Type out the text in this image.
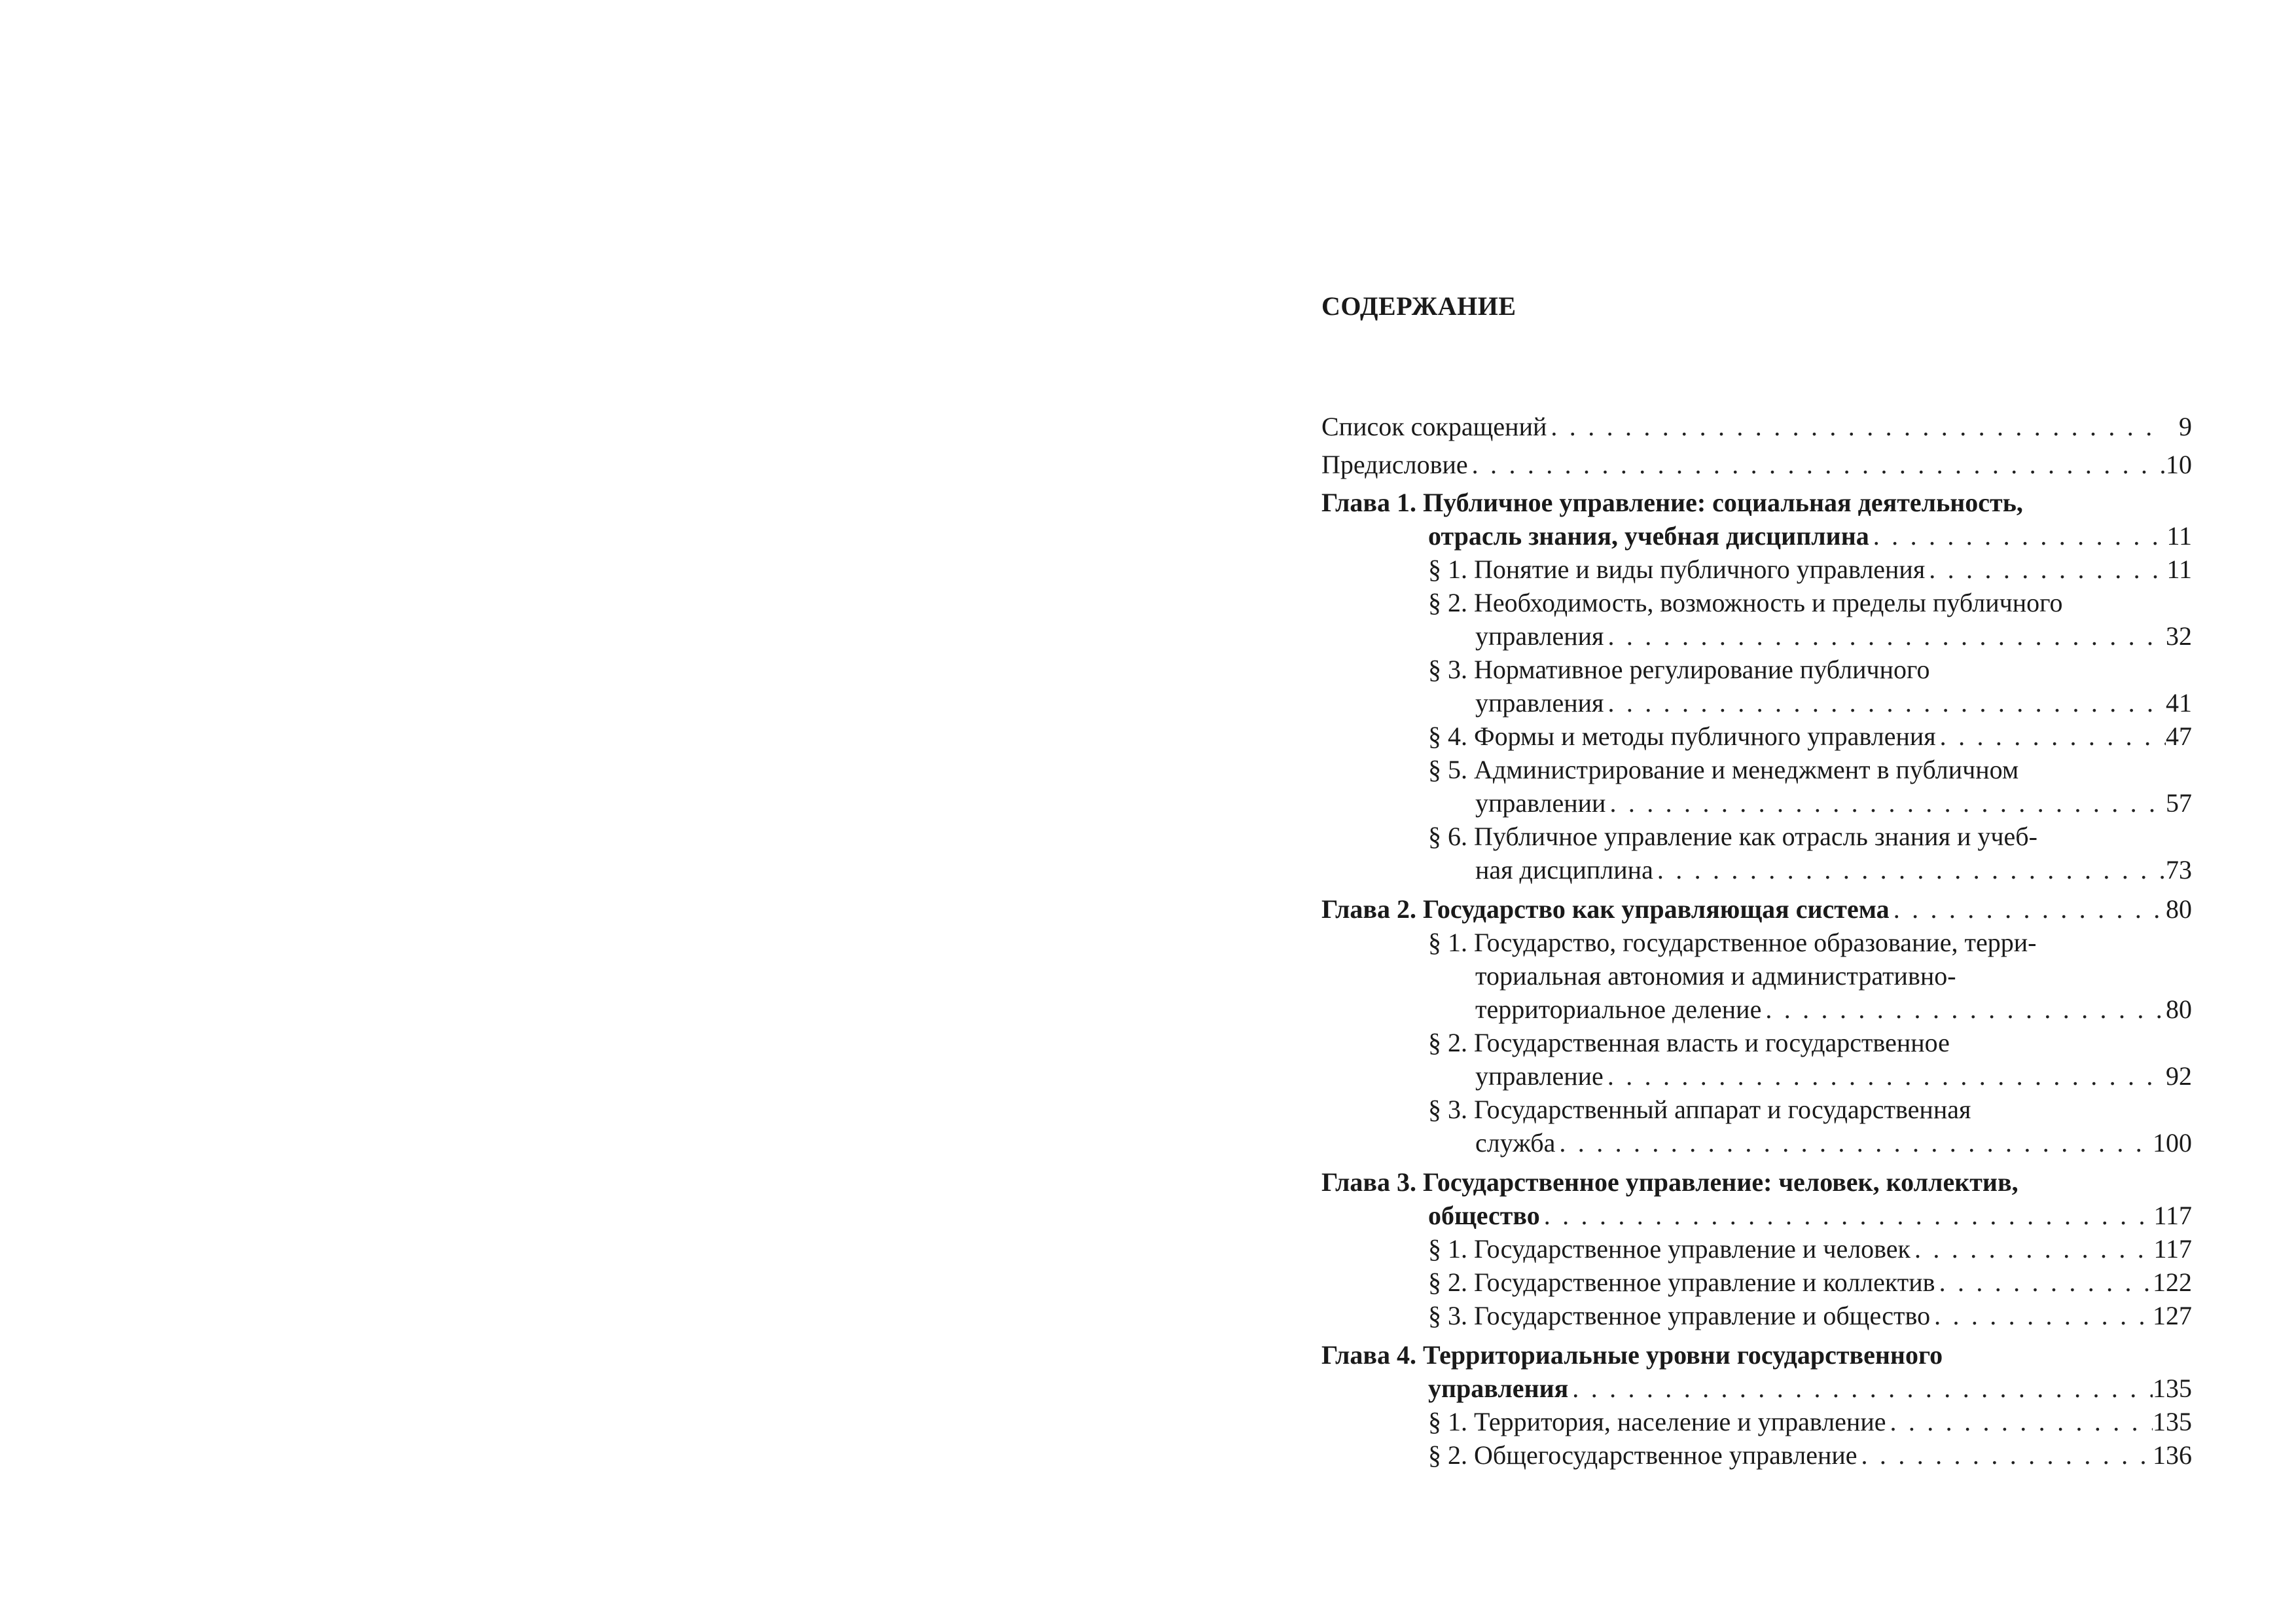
СОДЕРЖАНИЕ
Список сокращений . . .	9
Предисловие . . .	10
Глава 1. Публичное управление: социальная деятельность,
отрасль знания, учебная дисциплина . . .	11
§ 1. Понятие и виды публичного управления . . .	11
§ 2. Необходимость, возможность и пределы публичного
управления . . .	32
§ 3. Нормативное регулирование публичного
управления . . .	41
§ 4. Формы и методы публичного управления . . .	47
§ 5. Администрирование и менеджмент в публичном
управлении . . .	57
§ 6. Публичное управление как отрасль знания и учеб-
ная дисциплина . . .	73
Глава 2. Государство как управляющая система . . .	80
§ 1. Государство, государственное образование, терри-
ториальная автономия и административно-
территориальное деление . . .	80
§ 2. Государственная власть и государственное
управление . . .	92
§ 3. Государственный аппарат и государственная
служба . . .	100
Глава 3. Государственное управление: человек, коллектив,
общество . . .	117
§ 1. Государственное управление и человек . . .	117
§ 2. Государственное управление и коллектив . . .	122
§ 3. Государственное управление и общество . . .	127
Глава 4. Территориальные уровни государственного
управления . . .	135
§ 1. Территория, население и управление . . .	135
§ 2. Общегосударственное управление . . .	136
